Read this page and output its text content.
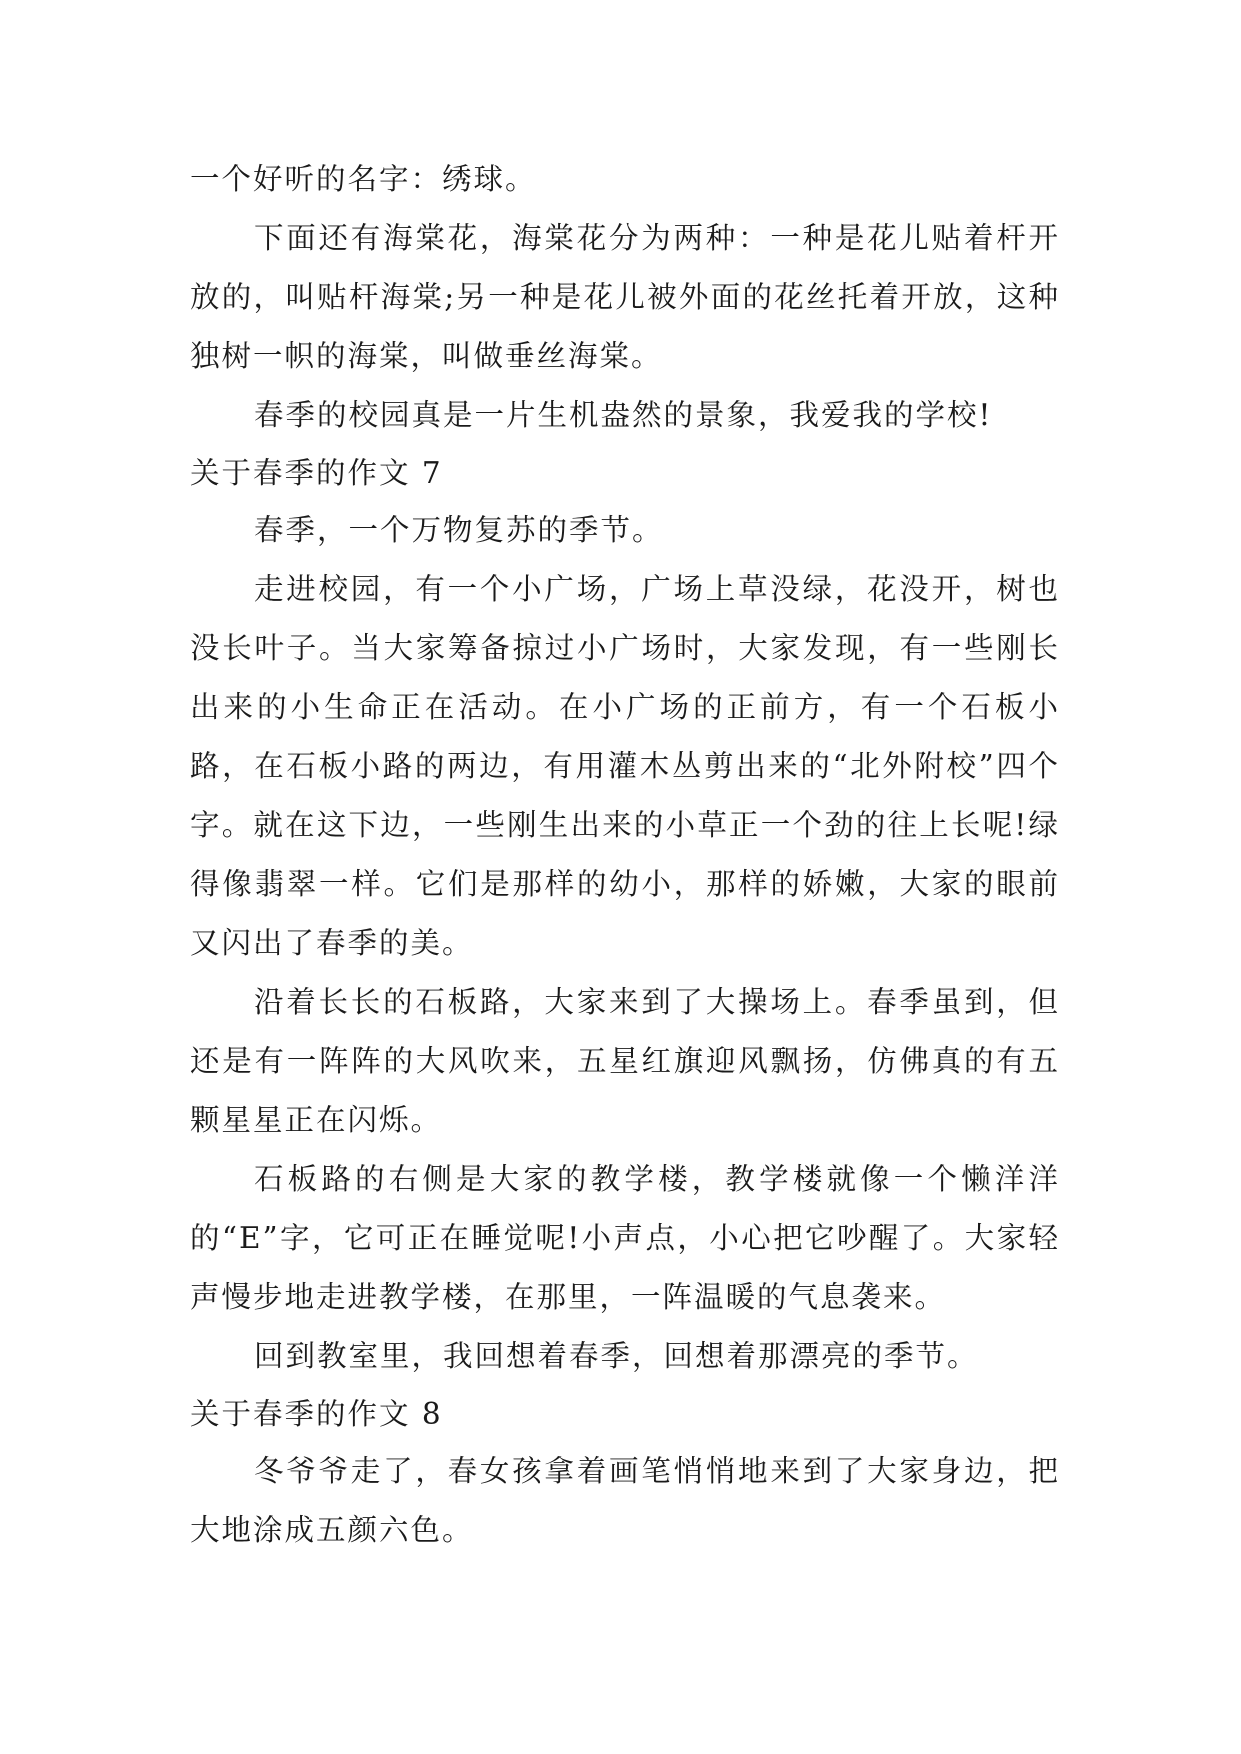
一个好听的名字：绣球。

下面还有海棠花，海棠花分为两种：一种是花儿贴着杆开放的，叫贴杆海棠;另一种是花儿被外面的花丝托着开放，这种独树一帜的海棠，叫做垂丝海棠。

春季的校园真是一片生机盎然的景象，我爱我的学校!

关于春季的作文 7

春季，一个万物复苏的季节。

走进校园，有一个小广场，广场上草没绿，花没开，树也没长叶子。当大家筹备掠过小广场时，大家发现，有一些刚长出来的小生命正在活动。在小广场的正前方，有一个石板小路，在石板小路的两边，有用灌木丛剪出来的“北外附校”四个字。就在这下边，一些刚生出来的小草正一个劲的往上长呢!绿得像翡翠一样。它们是那样的幼小，那样的娇嫩，大家的眼前又闪出了春季的美。

沿着长长的石板路，大家来到了大操场上。春季虽到，但还是有一阵阵的大风吹来，五星红旗迎风飘扬，仿佛真的有五颗星星正在闪烁。

石板路的右侧是大家的教学楼，教学楼就像一个懒洋洋的“E”字，它可正在睡觉呢!小声点，小心把它吵醒了。大家轻声慢步地走进教学楼，在那里，一阵温暖的气息袭来。

回到教室里，我回想着春季，回想着那漂亮的季节。

关于春季的作文 8

冬爷爷走了，春女孩拿着画笔悄悄地来到了大家身边，把大地涂成五颜六色。
